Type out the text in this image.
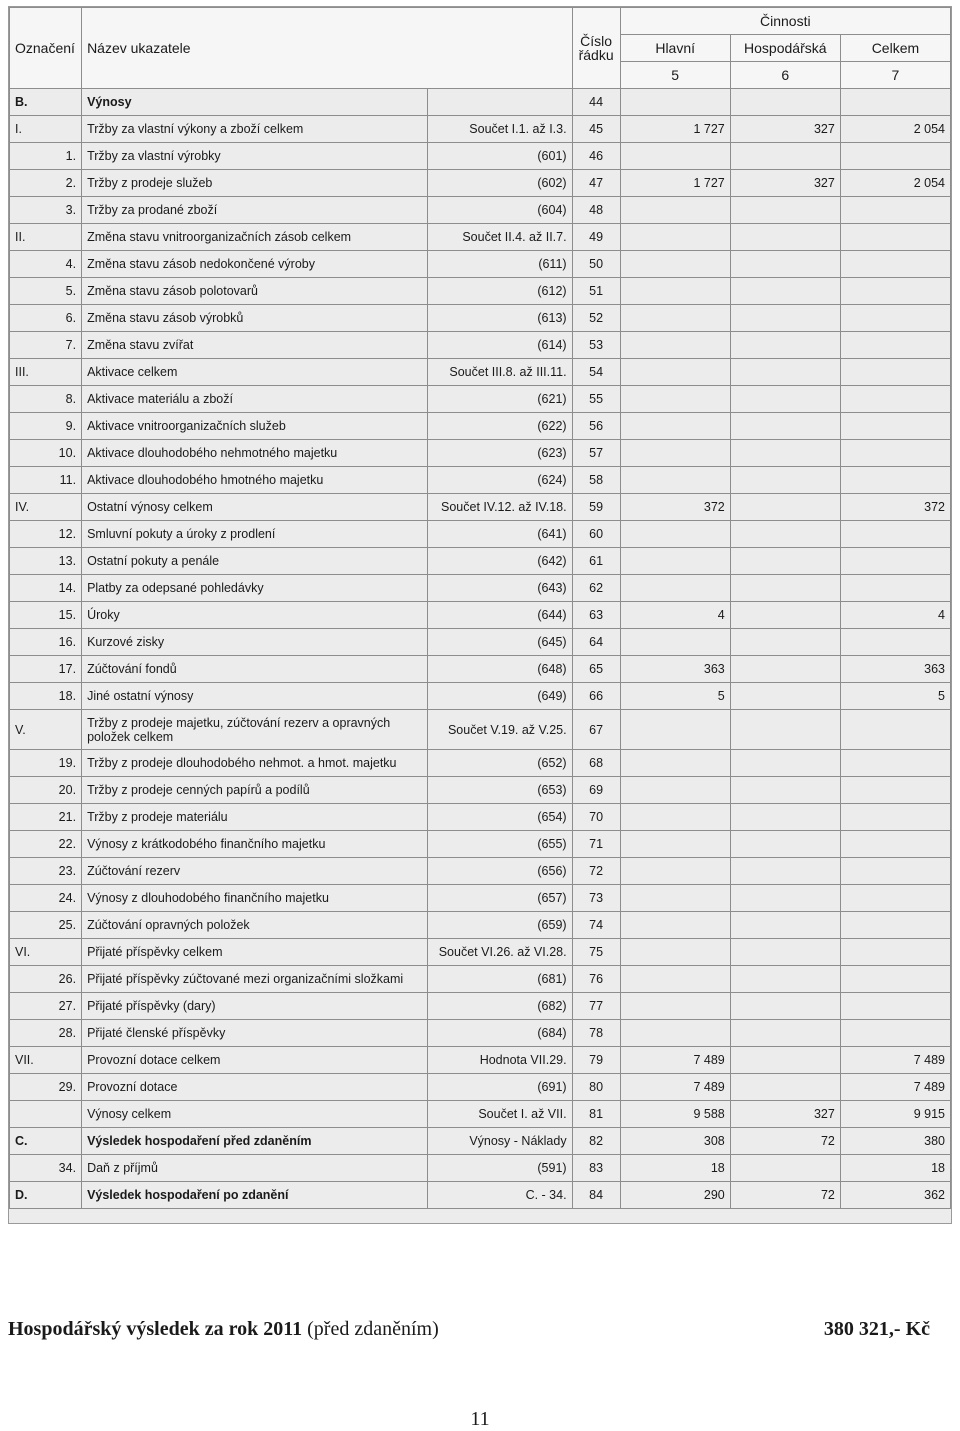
Označení	Název ukazatele		Číslo řádku	Činnosti		
				Hlavní	Hospodářská	Celkem
				5	6	7
B.	Výnosy		44			
I.	Tržby za vlastní výkony a zboží celkem	Součet I.1. až I.3.	45	1 727	327	2 054
1.	Tržby za vlastní výrobky	(601)	46			
2.	Tržby z prodeje služeb	(602)	47	1 727	327	2 054
3.	Tržby za prodané zboží	(604)	48			
II.	Změna stavu vnitroorganizačních zásob celkem	Součet II.4. až II.7.	49			
4.	Změna stavu zásob nedokončené výroby	(611)	50			
5.	Změna stavu zásob polotovarů	(612)	51			
6.	Změna stavu zásob výrobků	(613)	52			
7.	Změna stavu zvířat	(614)	53			
III.	Aktivace celkem	Součet III.8. až III.11.	54			
8.	Aktivace materiálu a zboží	(621)	55			
9.	Aktivace vnitroorganizačních služeb	(622)	56			
10.	Aktivace dlouhodobého nehmotného majetku	(623)	57			
11.	Aktivace dlouhodobého hmotného majetku	(624)	58			
IV.	Ostatní výnosy celkem	Součet IV.12. až IV.18.	59	372		372
12.	Smluvní pokuty a úroky z prodlení	(641)	60			
13.	Ostatní pokuty a penále	(642)	61			
14.	Platby za odepsané pohledávky	(643)	62			
15.	Úroky	(644)	63	4		4
16.	Kurzové zisky	(645)	64			
17.	Zúčtování fondů	(648)	65	363		363
18.	Jiné ostatní výnosy	(649)	66	5		5
V.	Tržby z prodeje majetku, zúčtování rezerv a opravných položek celkem	Součet V.19. až V.25.	67			
19.	Tržby z prodeje dlouhodobého nehmot. a hmot. majetku	(652)	68			
20.	Tržby z prodeje cenných papírů a podílů	(653)	69			
21.	Tržby z prodeje materiálu	(654)	70			
22.	Výnosy z krátkodobého finančního majetku	(655)	71			
23.	Zúčtování rezerv	(656)	72			
24.	Výnosy z dlouhodobého finančního majetku	(657)	73			
25.	Zúčtování opravných položek	(659)	74			
VI.	Přijaté příspěvky celkem	Součet VI.26. až VI.28.	75			
26.	Přijaté příspěvky zúčtované mezi organizačními složkami	(681)	76			
27.	Přijaté příspěvky (dary)	(682)	77			
28.	Přijaté členské příspěvky	(684)	78			
VII.	Provozní dotace celkem	Hodnota VII.29.	79	7 489		7 489
29.	Provozní dotace	(691)	80	7 489		7 489
	Výnosy celkem	Součet I. až VII.	81	9 588	327	9 915
C.	Výsledek hospodaření před zdaněním	Výnosy - Náklady	82	308	72	380
34.	Daň z příjmů	(591)	83	18		18
D.	Výsledek hospodaření po zdanění	C. - 34.	84	290	72	362
Hospodářský výsledek za rok 2011 (před zdaněním)	380 321,- Kč
11
